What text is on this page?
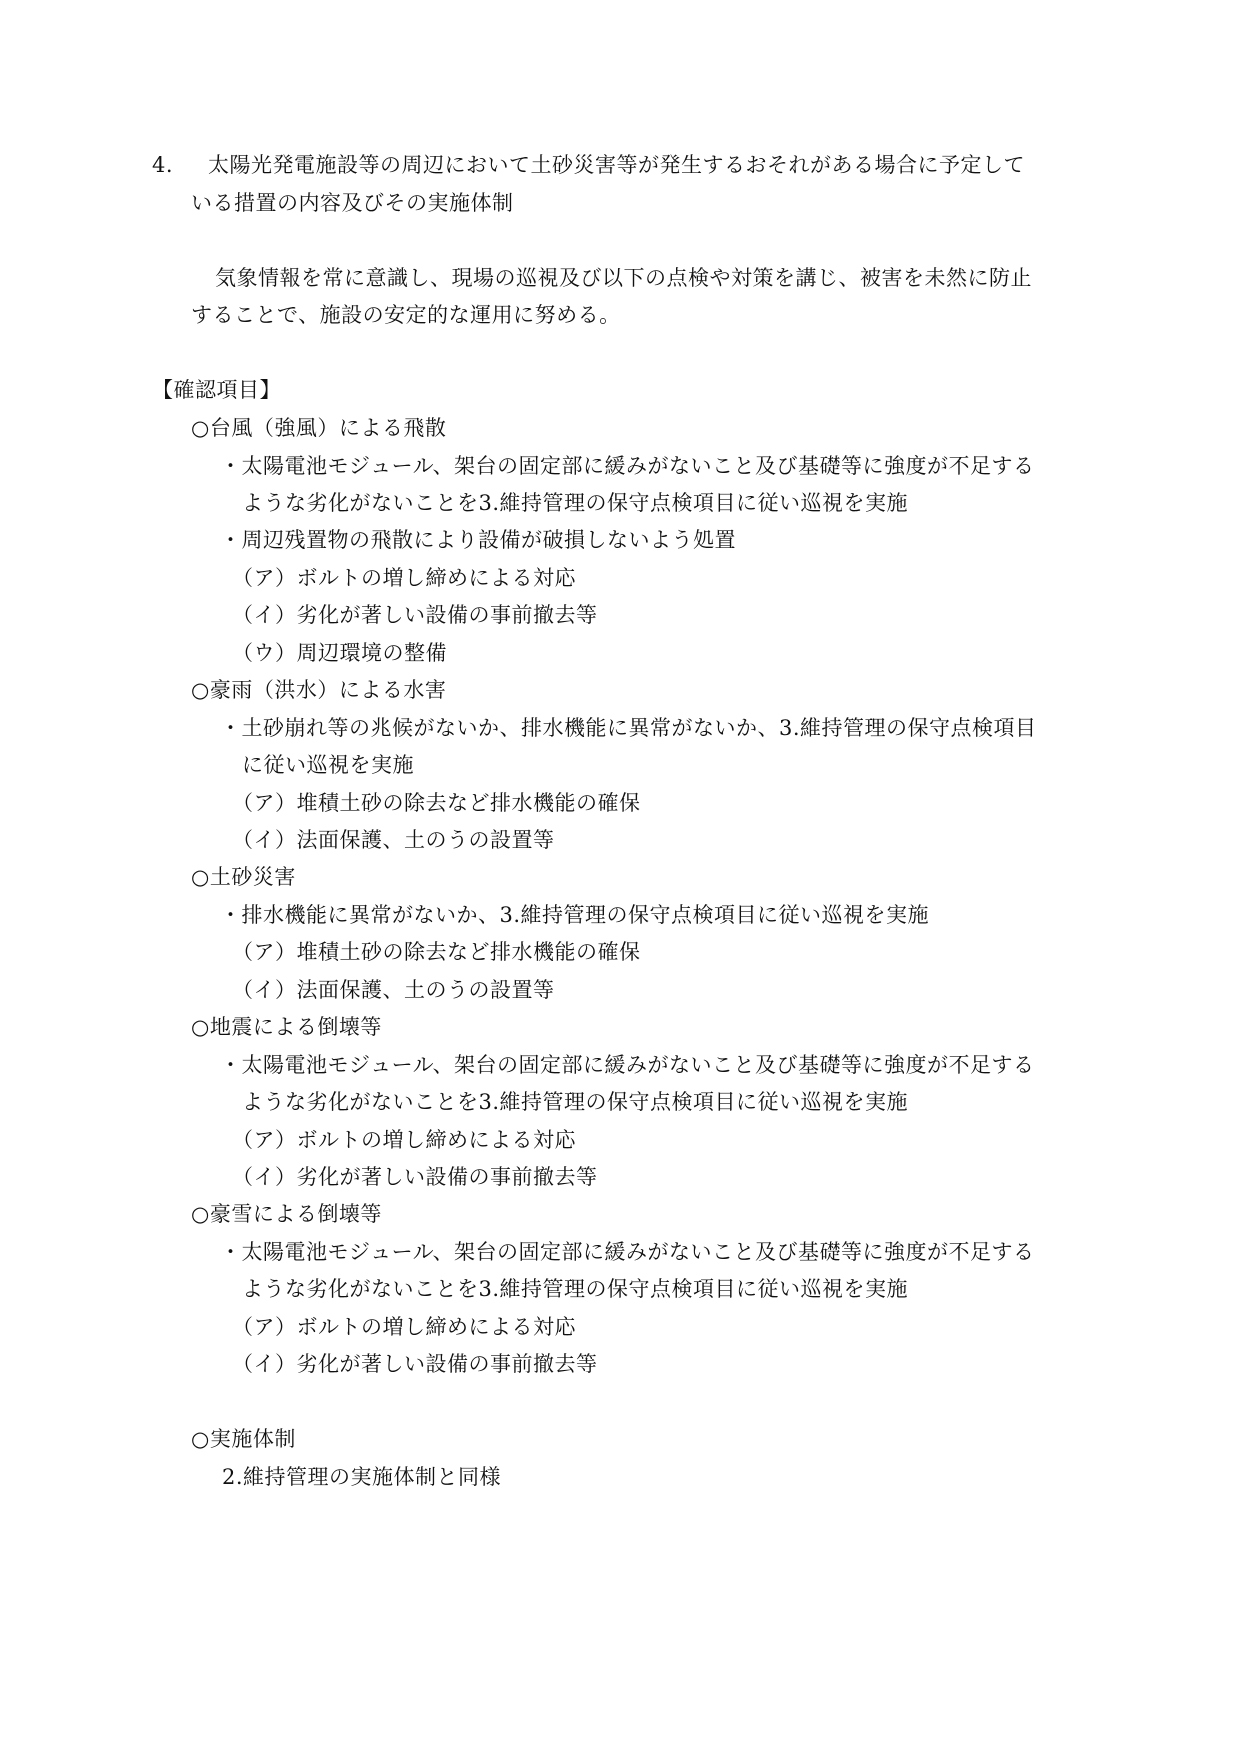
4. 太陽光発電施設等の周辺において土砂災害等が発生するおそれがある場合に予定して
いる措置の内容及びその実施体制
気象情報を常に意識し、現場の巡視及び以下の点検や対策を講じ、被害を未然に防止
することで、施設の安定的な運用に努める。
【確認項目】
○台風（強風）による飛散
・太陽電池モジュール、架台の固定部に緩みがないこと及び基礎等に強度が不足する
ような劣化がないことを3.維持管理の保守点検項目に従い巡視を実施
・周辺残置物の飛散により設備が破損しないよう処置
（ア）ボルトの増し締めによる対応
（イ）劣化が著しい設備の事前撤去等
（ウ）周辺環境の整備
○豪雨（洪水）による水害
・土砂崩れ等の兆候がないか、排水機能に異常がないか、3.維持管理の保守点検項目
に従い巡視を実施
（ア）堆積土砂の除去など排水機能の確保
（イ）法面保護、土のうの設置等
○土砂災害
・排水機能に異常がないか、3.維持管理の保守点検項目に従い巡視を実施
（ア）堆積土砂の除去など排水機能の確保
（イ）法面保護、土のうの設置等
○地震による倒壊等
・太陽電池モジュール、架台の固定部に緩みがないこと及び基礎等に強度が不足する
ような劣化がないことを3.維持管理の保守点検項目に従い巡視を実施
（ア）ボルトの増し締めによる対応
（イ）劣化が著しい設備の事前撤去等
○豪雪による倒壊等
・太陽電池モジュール、架台の固定部に緩みがないこと及び基礎等に強度が不足する
ような劣化がないことを3.維持管理の保守点検項目に従い巡視を実施
（ア）ボルトの増し締めによる対応
（イ）劣化が著しい設備の事前撤去等
○実施体制
2.維持管理の実施体制と同様
